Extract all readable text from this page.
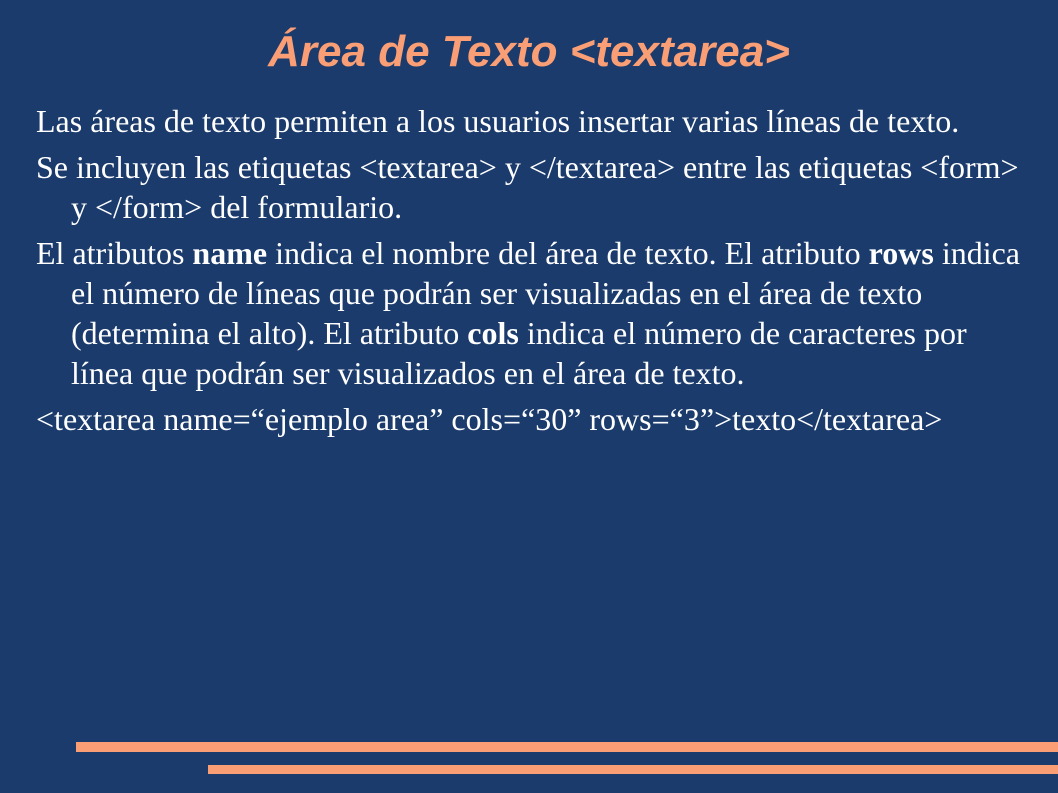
Área de Texto <textarea>

Las áreas de texto permiten a los usuarios insertar varias líneas de texto.

Se incluyen las etiquetas <textarea> y </textarea> entre las etiquetas <form> y </form> del formulario.

El atributos name indica el nombre del área de texto. El atributo rows indica el número de líneas que podrán ser visualizadas en el área de texto (determina el alto). El atributo cols indica el número de caracteres por línea que podrán ser visualizados en el área de texto.

<textarea name=“ejemplo area” cols=“30” rows=“3”>texto</textarea>
